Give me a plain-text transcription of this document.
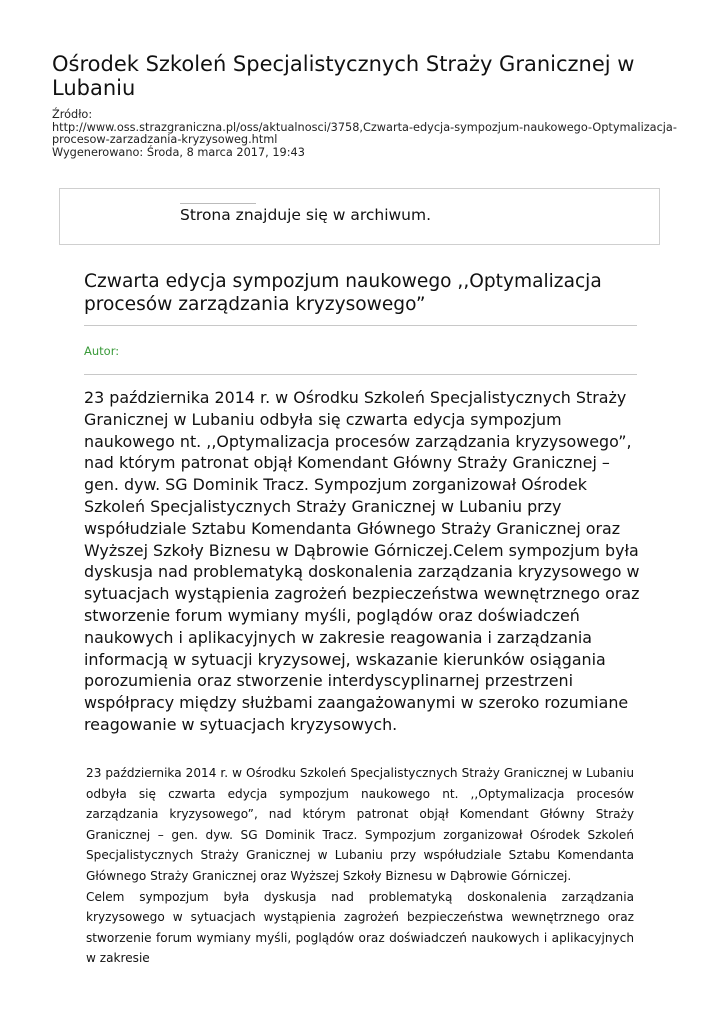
Ośrodek Szkoleń Specjalistycznych Straży Granicznej w Lubaniu
Źródło:
http://www.oss.strazgraniczna.pl/oss/aktualnosci/3758,Czwarta-edycja-sympozjum-naukowego-Optymalizacja-procesow-zarzadzania-kryzysoweg.html
Wygenerowano: Środa, 8 marca 2017, 19:43
Strona znajduje się w archiwum.
Czwarta edycja sympozjum naukowego ,,Optymalizacja procesów zarządzania kryzysowego”
Autor:

23 października 2014 r. w Ośrodku Szkoleń Specjalistycznych Straży Granicznej w Lubaniu odbyła się czwarta edycja sympozjum naukowego nt. ,,Optymalizacja procesów zarządzania kryzysowego”, nad którym patronat objął Komendant Główny Straży Granicznej – gen. dyw. SG Dominik Tracz. Sympozjum zorganizował Ośrodek Szkoleń Specjalistycznych Straży Granicznej w Lubaniu przy współudziale Sztabu Komendanta Głównego Straży Granicznej oraz Wyższej Szkoły Biznesu w Dąbrowie Górniczej.Celem sympozjum była dyskusja nad problematyką doskonalenia zarządzania kryzysowego w sytuacjach wystąpienia zagrożeń bezpieczeństwa wewnętrznego oraz stworzenie forum wymiany myśli, poglądów oraz doświadczeń naukowych i aplikacyjnych w zakresie reagowania i zarządzania informacją w sytuacji kryzysowej, wskazanie kierunków osiągania porozumienia oraz stworzenie interdyscyplinarnej przestrzeni współpracy między służbami zaangażowanymi w szeroko rozumiane reagowanie w sytuacjach kryzysowych.

23 października 2014 r. w Ośrodku Szkoleń Specjalistycznych Straży Granicznej w Lubaniu odbyła się czwarta edycja sympozjum naukowego nt. ,,Optymalizacja procesów zarządzania kryzysowego”, nad którym patronat objął Komendant Główny Straży Granicznej – gen. dyw. SG Dominik Tracz. Sympozjum zorganizował Ośrodek Szkoleń Specjalistycznych Straży Granicznej w Lubaniu przy współudziale Sztabu Komendanta Głównego Straży Granicznej oraz Wyższej Szkoły Biznesu w Dąbrowie Górniczej.

Celem sympozjum była dyskusja nad problematyką doskonalenia zarządzania kryzysowego w sytuacjach wystąpienia zagrożeń bezpieczeństwa wewnętrznego oraz stworzenie forum wymiany myśli, poglądów oraz doświadczeń naukowych i aplikacyjnych w zakresie
